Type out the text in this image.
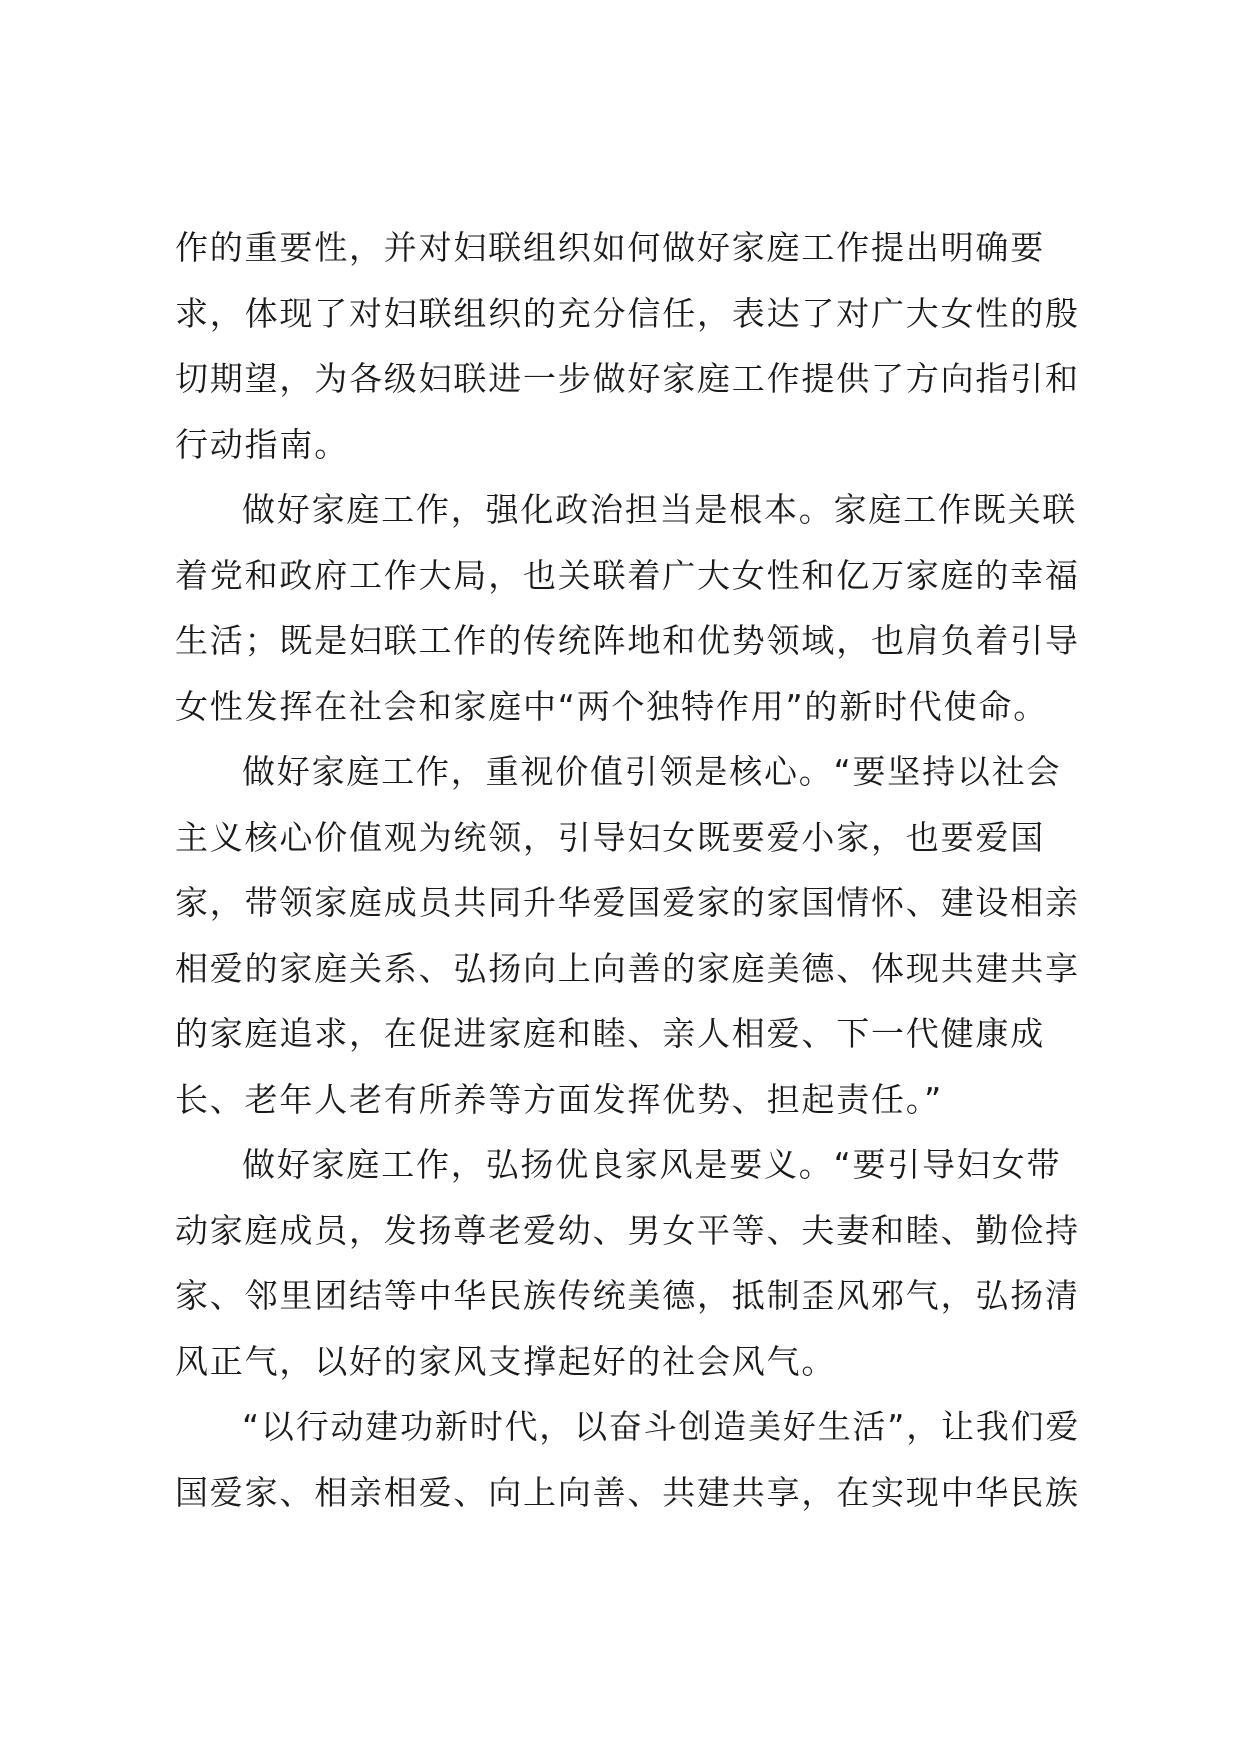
作的重要性，并对妇联组织如何做好家庭工作提出明确要
求，体现了对妇联组织的充分信任，表达了对广大女性的殷
切期望，为各级妇联进一步做好家庭工作提供了方向指引和
行动指南。
做好家庭工作，强化政治担当是根本。家庭工作既关联
着党和政府工作大局，也关联着广大女性和亿万家庭的幸福
生活；既是妇联工作的传统阵地和优势领域，也肩负着引导
女性发挥在社会和家庭中“两个独特作用”的新时代使命。
做好家庭工作，重视价值引领是核心。“要坚持以社会
主义核心价值观为统领，引导妇女既要爱小家，也要爱国
家，带领家庭成员共同升华爱国爱家的家国情怀、建设相亲
相爱的家庭关系、弘扬向上向善的家庭美德、体现共建共享
的家庭追求，在促进家庭和睦、亲人相爱、下一代健康成
长、老年人老有所养等方面发挥优势、担起责任。”
做好家庭工作，弘扬优良家风是要义。“要引导妇女带
动家庭成员，发扬尊老爱幼、男女平等、夫妻和睦、勤俭持
家、邻里团结等中华民族传统美德，抵制歪风邪气，弘扬清
风正气，以好的家风支撑起好的社会风气。
“以行动建功新时代，以奋斗创造美好生活”，让我们爱
国爱家、相亲相爱、向上向善、共建共享，在实现中华民族
